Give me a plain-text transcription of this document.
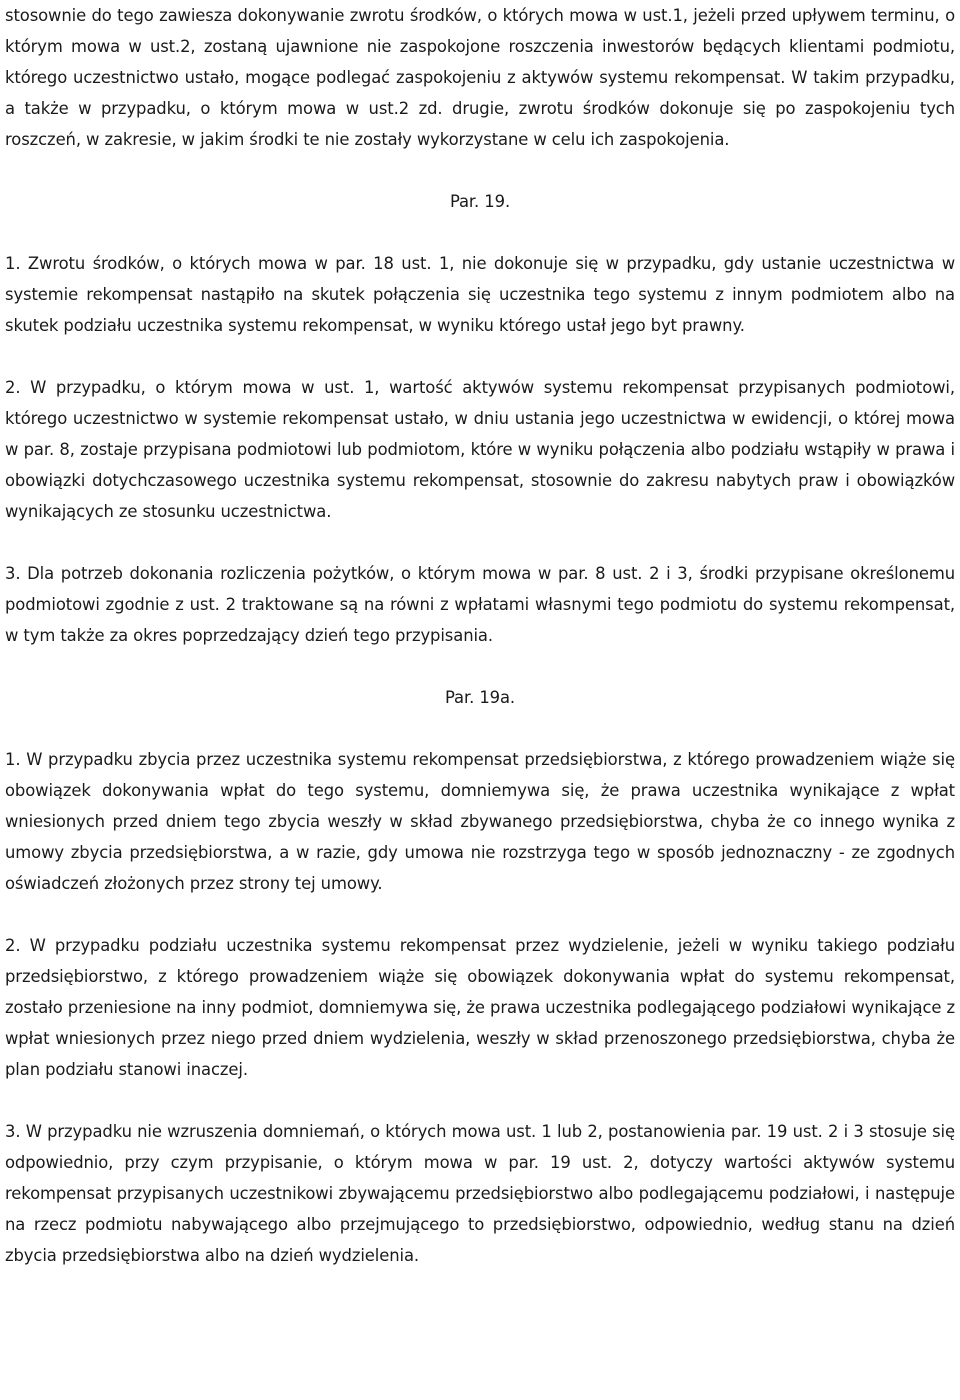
stosownie do tego zawiesza dokonywanie zwrotu środków, o których mowa w ust.1, jeżeli przed upływem terminu, o którym mowa w ust.2, zostaną ujawnione nie zaspokojone roszczenia inwestorów będących klientami podmiotu, którego uczestnictwo ustało, mogące podlegać zaspokojeniu z aktywów systemu rekompensat. W takim przypadku, a także w przypadku, o którym mowa w ust.2 zd. drugie, zwrotu środków dokonuje się po zaspokojeniu tych roszczeń, w zakresie, w jakim środki te nie zostały wykorzystane w celu ich zaspokojenia.

Par. 19.

1. Zwrotu środków, o których mowa w par. 18 ust. 1, nie dokonuje się w przypadku, gdy ustanie uczestnictwa w systemie rekompensat nastąpiło na skutek połączenia się uczestnika tego systemu z innym podmiotem albo na skutek podziału uczestnika systemu rekompensat, w wyniku którego ustał jego byt prawny.

2. W przypadku, o którym mowa w ust. 1, wartość aktywów systemu rekompensat przypisanych podmiotowi, którego uczestnictwo w systemie rekompensat ustało, w dniu ustania jego uczestnictwa w ewidencji, o której mowa w par. 8, zostaje przypisana podmiotowi lub podmiotom, które w wyniku połączenia albo podziału wstąpiły w prawa i obowiązki dotychczasowego uczestnika systemu rekompensat, stosownie do zakresu nabytych praw i obowiązków wynikających ze stosunku uczestnictwa.

3. Dla potrzeb dokonania rozliczenia pożytków, o którym mowa w par. 8 ust. 2 i 3, środki przypisane określonemu podmiotowi zgodnie z ust. 2 traktowane są na równi z wpłatami własnymi tego podmiotu do systemu rekompensat, w tym także za okres poprzedzający dzień tego przypisania.

Par. 19a.

1. W przypadku zbycia przez uczestnika systemu rekompensat przedsiębiorstwa, z którego prowadzeniem wiąże się obowiązek dokonywania wpłat do tego systemu, domniemywa się, że prawa uczestnika wynikające z wpłat wniesionych przed dniem tego zbycia weszły w skład zbywanego przedsiębiorstwa, chyba że co innego wynika z umowy zbycia przedsiębiorstwa, a w razie, gdy umowa nie rozstrzyga tego w sposób jednoznaczny - ze zgodnych oświadczeń złożonych przez strony tej umowy.

2. W przypadku podziału uczestnika systemu rekompensat przez wydzielenie, jeżeli w wyniku takiego podziału przedsiębiorstwo, z którego prowadzeniem wiąże się obowiązek dokonywania wpłat do systemu rekompensat, zostało przeniesione na inny podmiot, domniemywa się, że prawa uczestnika podlegającego podziałowi wynikające z wpłat wniesionych przez niego przed dniem wydzielenia, weszły w skład przenoszonego przedsiębiorstwa, chyba że plan podziału stanowi inaczej.

3. W przypadku nie wzruszenia domniemań, o których mowa ust. 1 lub 2, postanowienia par. 19 ust. 2 i 3 stosuje się odpowiednio, przy czym przypisanie, o którym mowa w par. 19 ust. 2, dotyczy wartości aktywów systemu rekompensat przypisanych uczestnikowi zbywającemu przedsiębiorstwo albo podlegającemu podziałowi, i następuje na rzecz podmiotu nabywającego albo przejmującego to przedsiębiorstwo, odpowiednio, według stanu na dzień zbycia przedsiębiorstwa albo na dzień wydzielenia.
